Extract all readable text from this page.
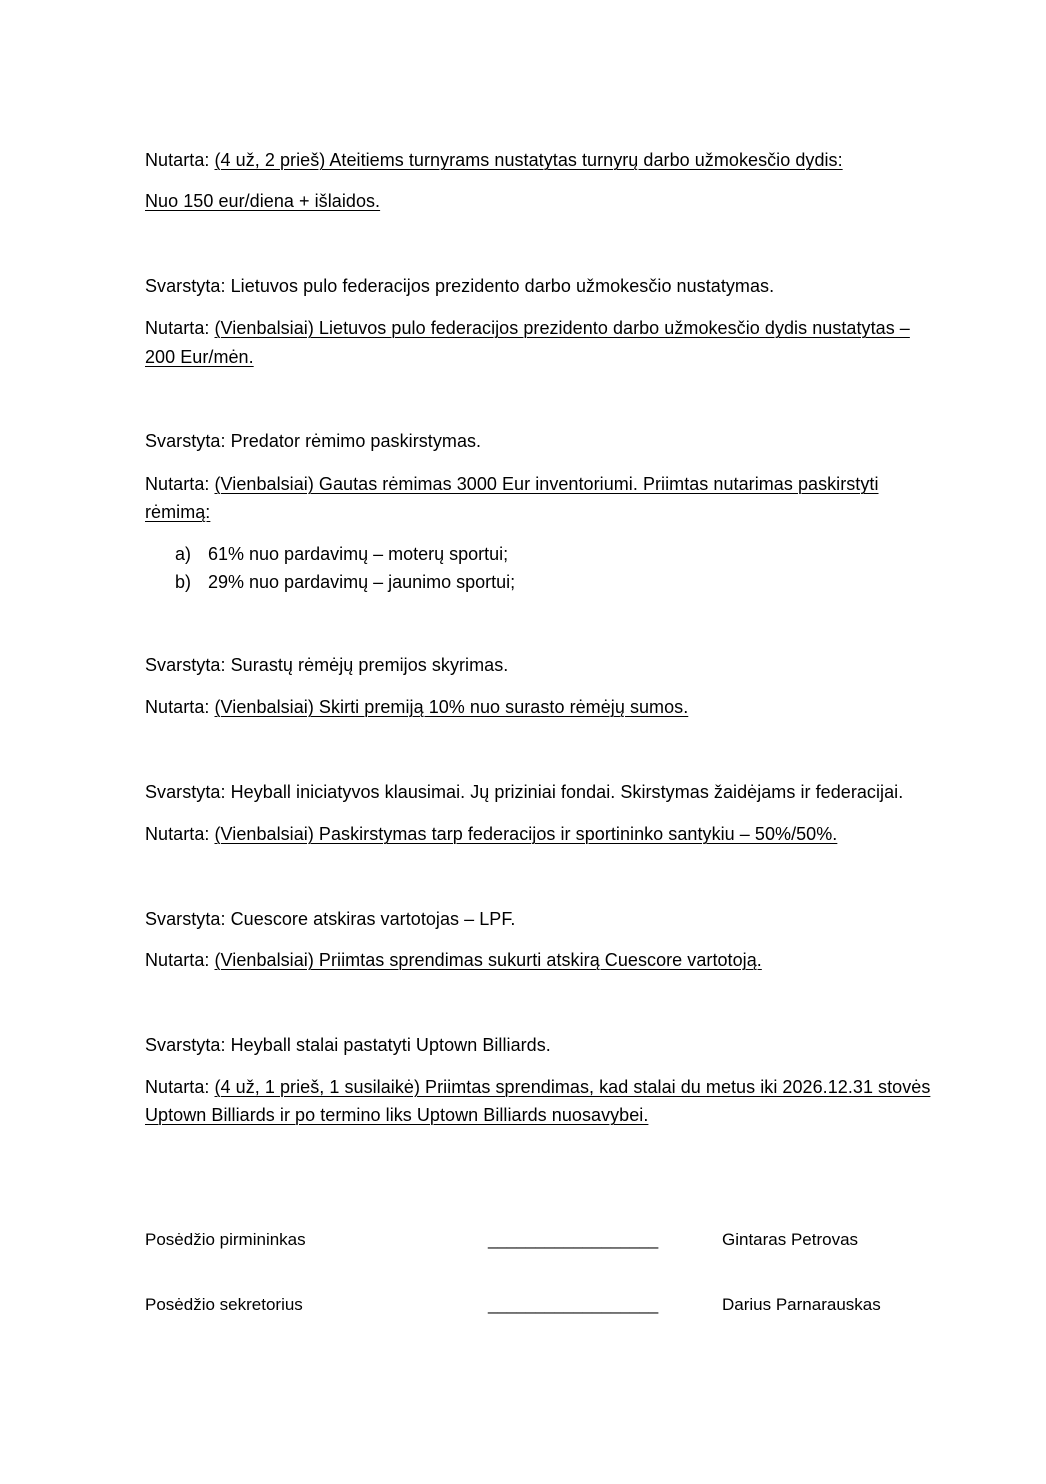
Nutarta: (4 už, 2 prieš) Ateitiems turnyrams nustatytas turnyrų darbo užmokesčio dydis:
Nuo 150 eur/diena + išlaidos.
Svarstyta: Lietuvos pulo federacijos prezidento darbo užmokesčio nustatymas.
Nutarta: (Vienbalsiai) Lietuvos pulo federacijos prezidento darbo užmokesčio dydis nustatytas –
200 Eur/mėn.
Svarstyta: Predator rėmimo paskirstymas.
Nutarta: (Vienbalsiai) Gautas rėmimas 3000 Eur inventoriumi. Priimtas nutarimas paskirstyti
rėmimą:
a) 61% nuo pardavimų – moterų sportui;
b) 29% nuo pardavimų – jaunimo sportui;
Svarstyta: Surastų rėmėjų premijos skyrimas.
Nutarta: (Vienbalsiai) Skirti premiją 10% nuo surasto rėmėjų sumos.
Svarstyta: Heyball iniciatyvos klausimai. Jų priziniai fondai. Skirstymas žaidėjams ir federacijai.
Nutarta: (Vienbalsiai) Paskirstymas tarp federacijos ir sportininko santykiu – 50%/50%.
Svarstyta: Cuescore atskiras vartotojas – LPF.
Nutarta: (Vienbalsiai) Priimtas sprendimas sukurti atskirą Cuescore vartotoją.
Svarstyta: Heyball stalai pastatyti Uptown Billiards.
Nutarta: (4 už, 1 prieš, 1 susilaikė) Priimtas sprendimas, kad stalai du metus iki 2026.12.31 stovės
Uptown Billiards ir po termino liks Uptown Billiards nuosavybei.
Posėdžio pirmininkas	__________________	Gintaras Petrovas
Posėdžio sekretorius	__________________	Darius Parnarauskas
